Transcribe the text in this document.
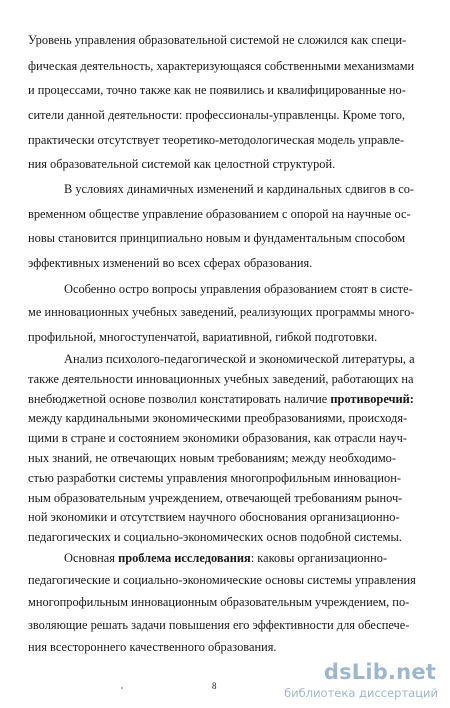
Уровень управления образовательной системой не сложился как специ-
фическая деятельность, характеризующаяся собственными механизмами
и процессами, точно также как не появились и квалифицированные но-
сители данной деятельности: профессионалы-управленцы. Кроме того,
практически отсутствует теоретико-методологическая модель управле-
ния образовательной системой как целостной структурой.
В условиях динамичных изменений и кардинальных сдвигов в со-
временном обществе управление образованием с опорой на научные ос-
новы становится принципиально новым и фундаментальным способом
эффективных изменений во всех сферах образования.
Особенно остро вопросы управления образованием стоят в систе-
ме инновационных учебных заведений, реализующих программы много-
профильной, многоступенчатой, вариативной, гибкой подготовки.
Анализ психолого-педагогической и экономической литературы, а
также деятельности инновационных учебных заведений, работающих на
внебюджетной основе позволил констатировать наличие противоречий:
между кардинальными экономическими преобразованиями, происходя-
щими в стране и состоянием экономики образования, как отрасли науч-
ных знаний, не отвечающих новым требованиям; между необходимо-
стью разработки системы управления многопрофильным инновацион-
ным образовательным учреждением, отвечающей требованиям рыноч-
ной экономики и отсутствием научного обоснования организационно-
педагогических и социально-экономических основ подобной системы.
Основная проблема исследования: каковы организационно-
педагогические и социально-экономические основы системы управления
многопрофильным инновационным образовательным учреждением, по-
зволяющие решать задачи повышения его эффективности для обеспече-
ния всестороннего качественного образования.
8
dsLib.net
библиотека диссертаций
